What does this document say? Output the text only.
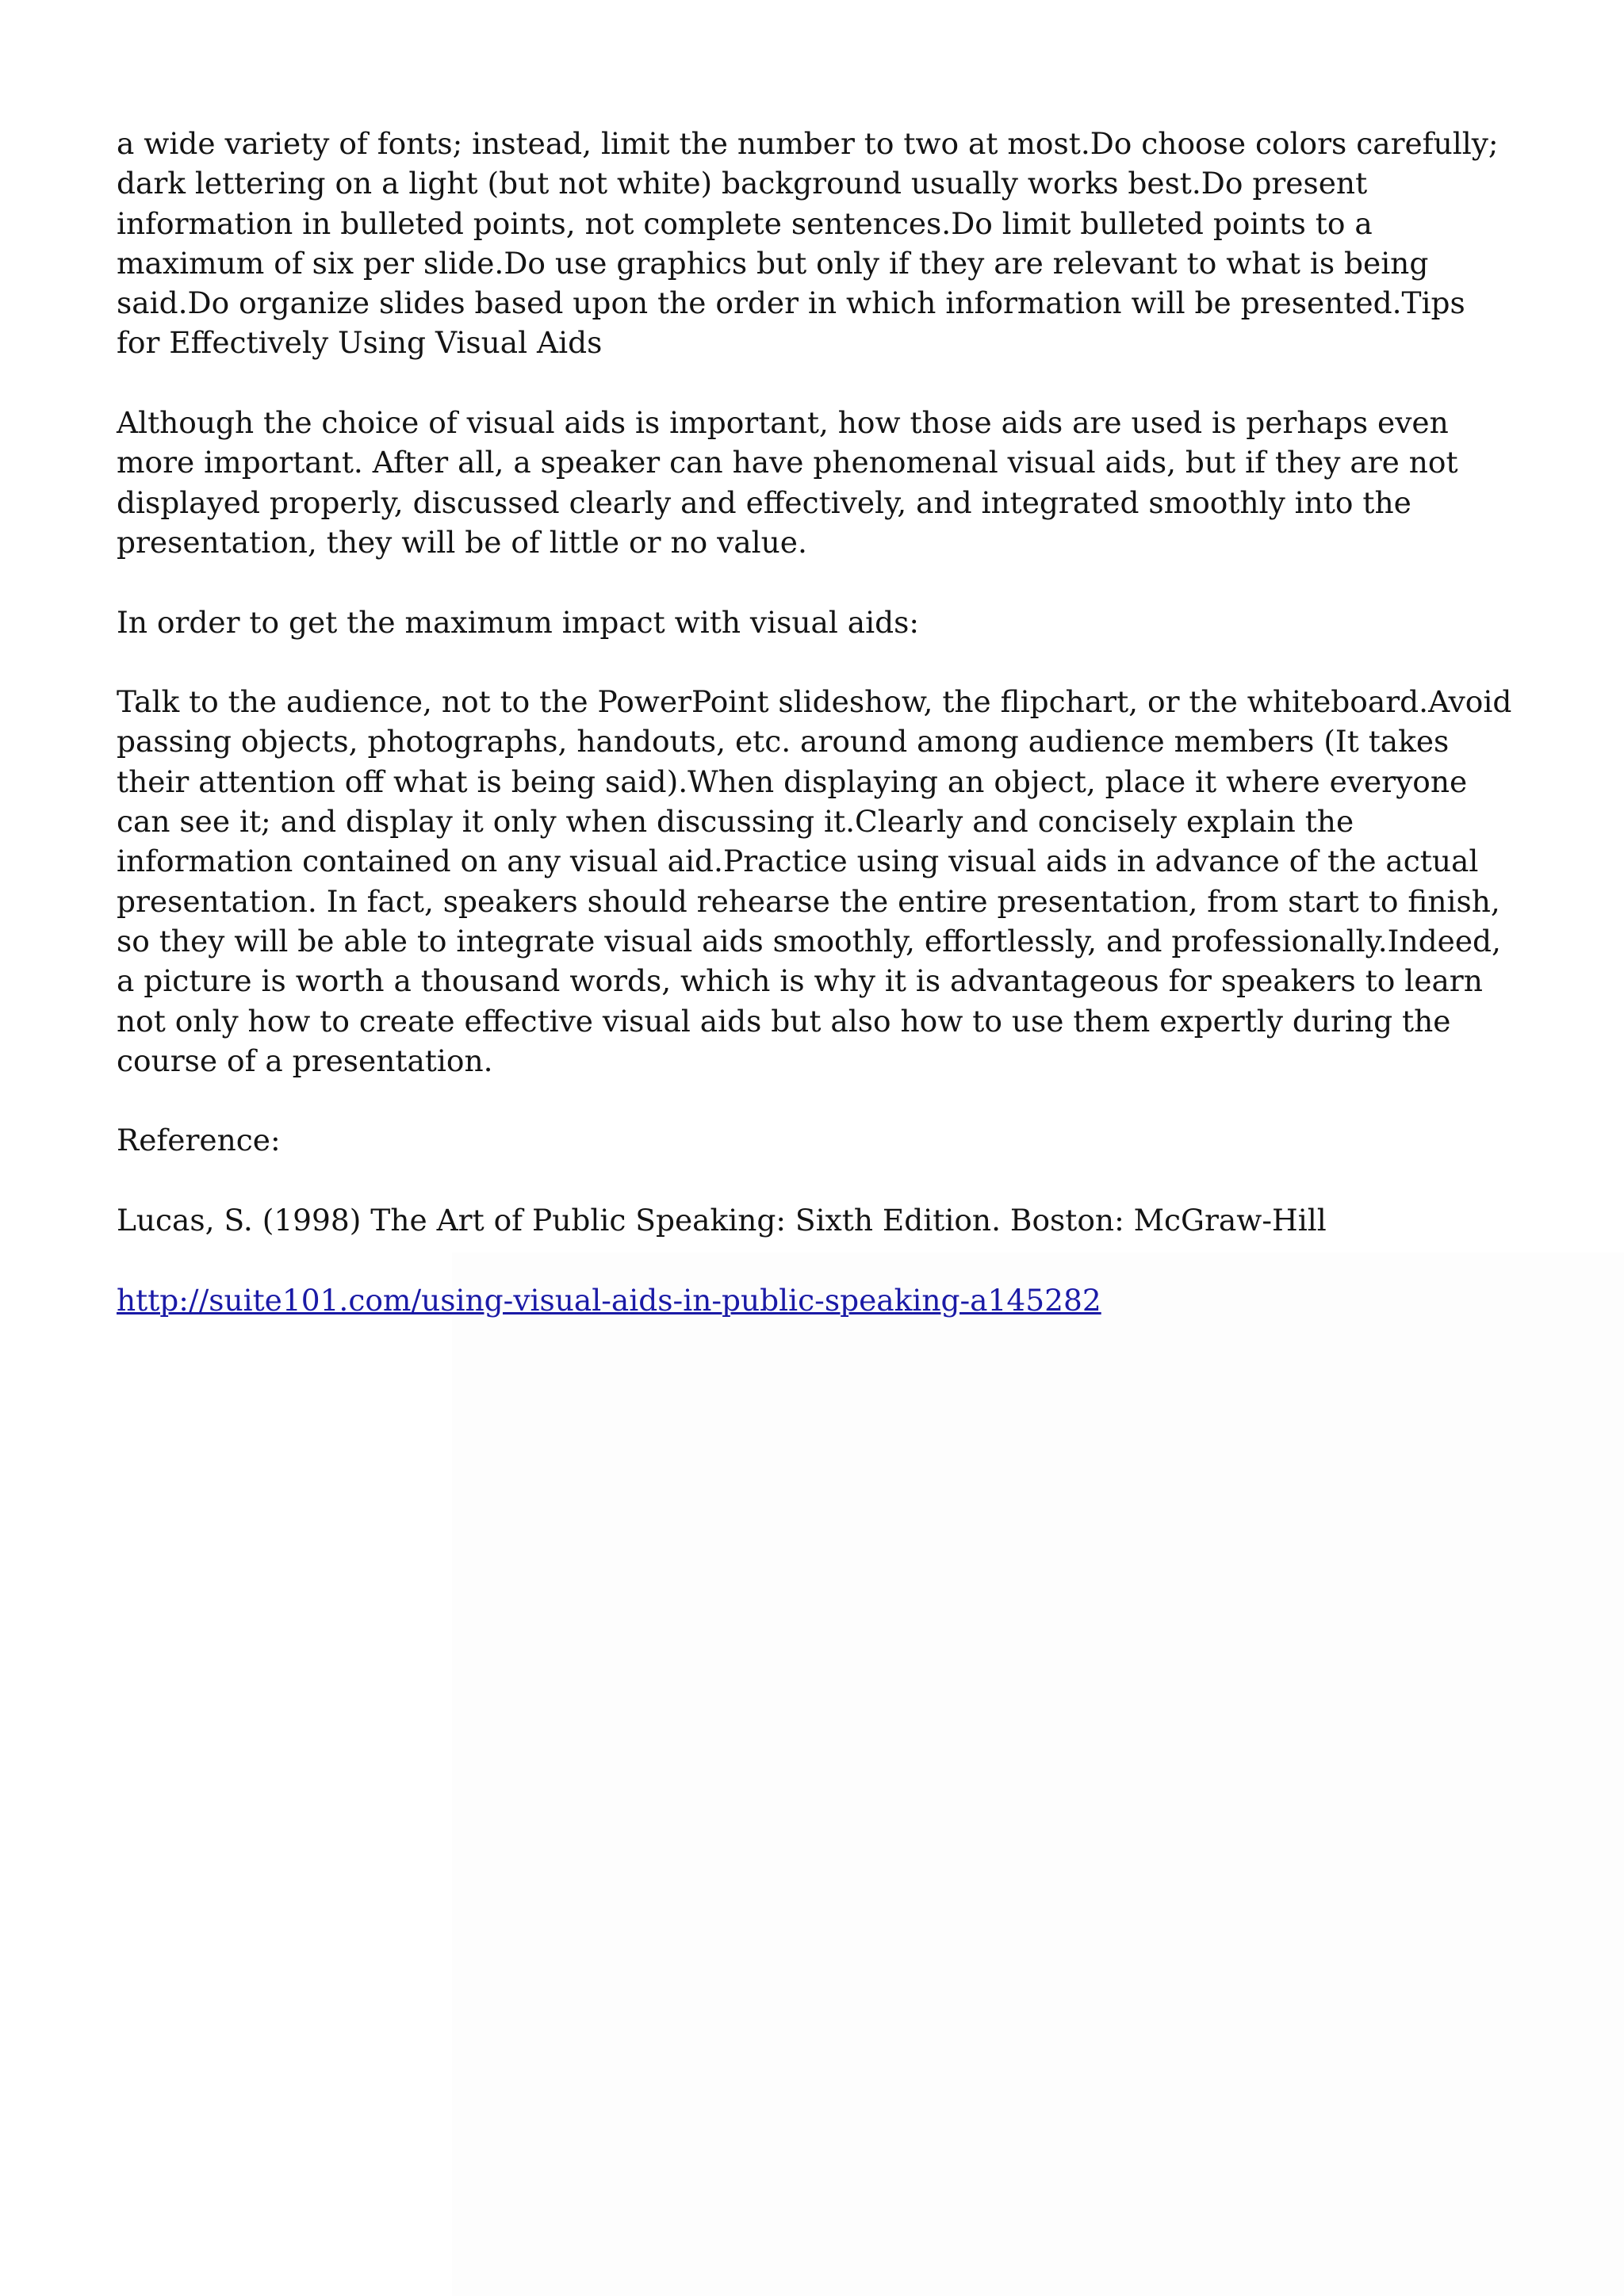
a wide variety of fonts; instead, limit the number to two at most.Do choose colors carefully; dark lettering on a light (but not white) background usually works best.Do present information in bulleted points, not complete sentences.Do limit bulleted points to a maximum of six per slide.Do use graphics but only if they are relevant to what is being said.Do organize slides based upon the order in which information will be presented.Tips for Effectively Using Visual Aids

Although the choice of visual aids is important, how those aids are used is perhaps even more important. After all, a speaker can have phenomenal visual aids, but if they are not displayed properly, discussed clearly and effectively, and integrated smoothly into the presentation, they will be of little or no value.

In order to get the maximum impact with visual aids:

Talk to the audience, not to the PowerPoint slideshow, the flipchart, or the whiteboard.Avoid passing objects, photographs, handouts, etc. around among audience members (It takes their attention off what is being said).When displaying an object, place it where everyone can see it; and display it only when discussing it.Clearly and concisely explain the information contained on any visual aid.Practice using visual aids in advance of the actual presentation. In fact, speakers should rehearse the entire presentation, from start to finish, so they will be able to integrate visual aids smoothly, effortlessly, and professionally.Indeed, a picture is worth a thousand words, which is why it is advantageous for speakers to learn not only how to create effective visual aids but also how to use them expertly during the course of a presentation.

Reference:

Lucas, S. (1998) The Art of Public Speaking: Sixth Edition. Boston: McGraw-Hill

http://suite101.com/using-visual-aids-in-public-speaking-a145282
